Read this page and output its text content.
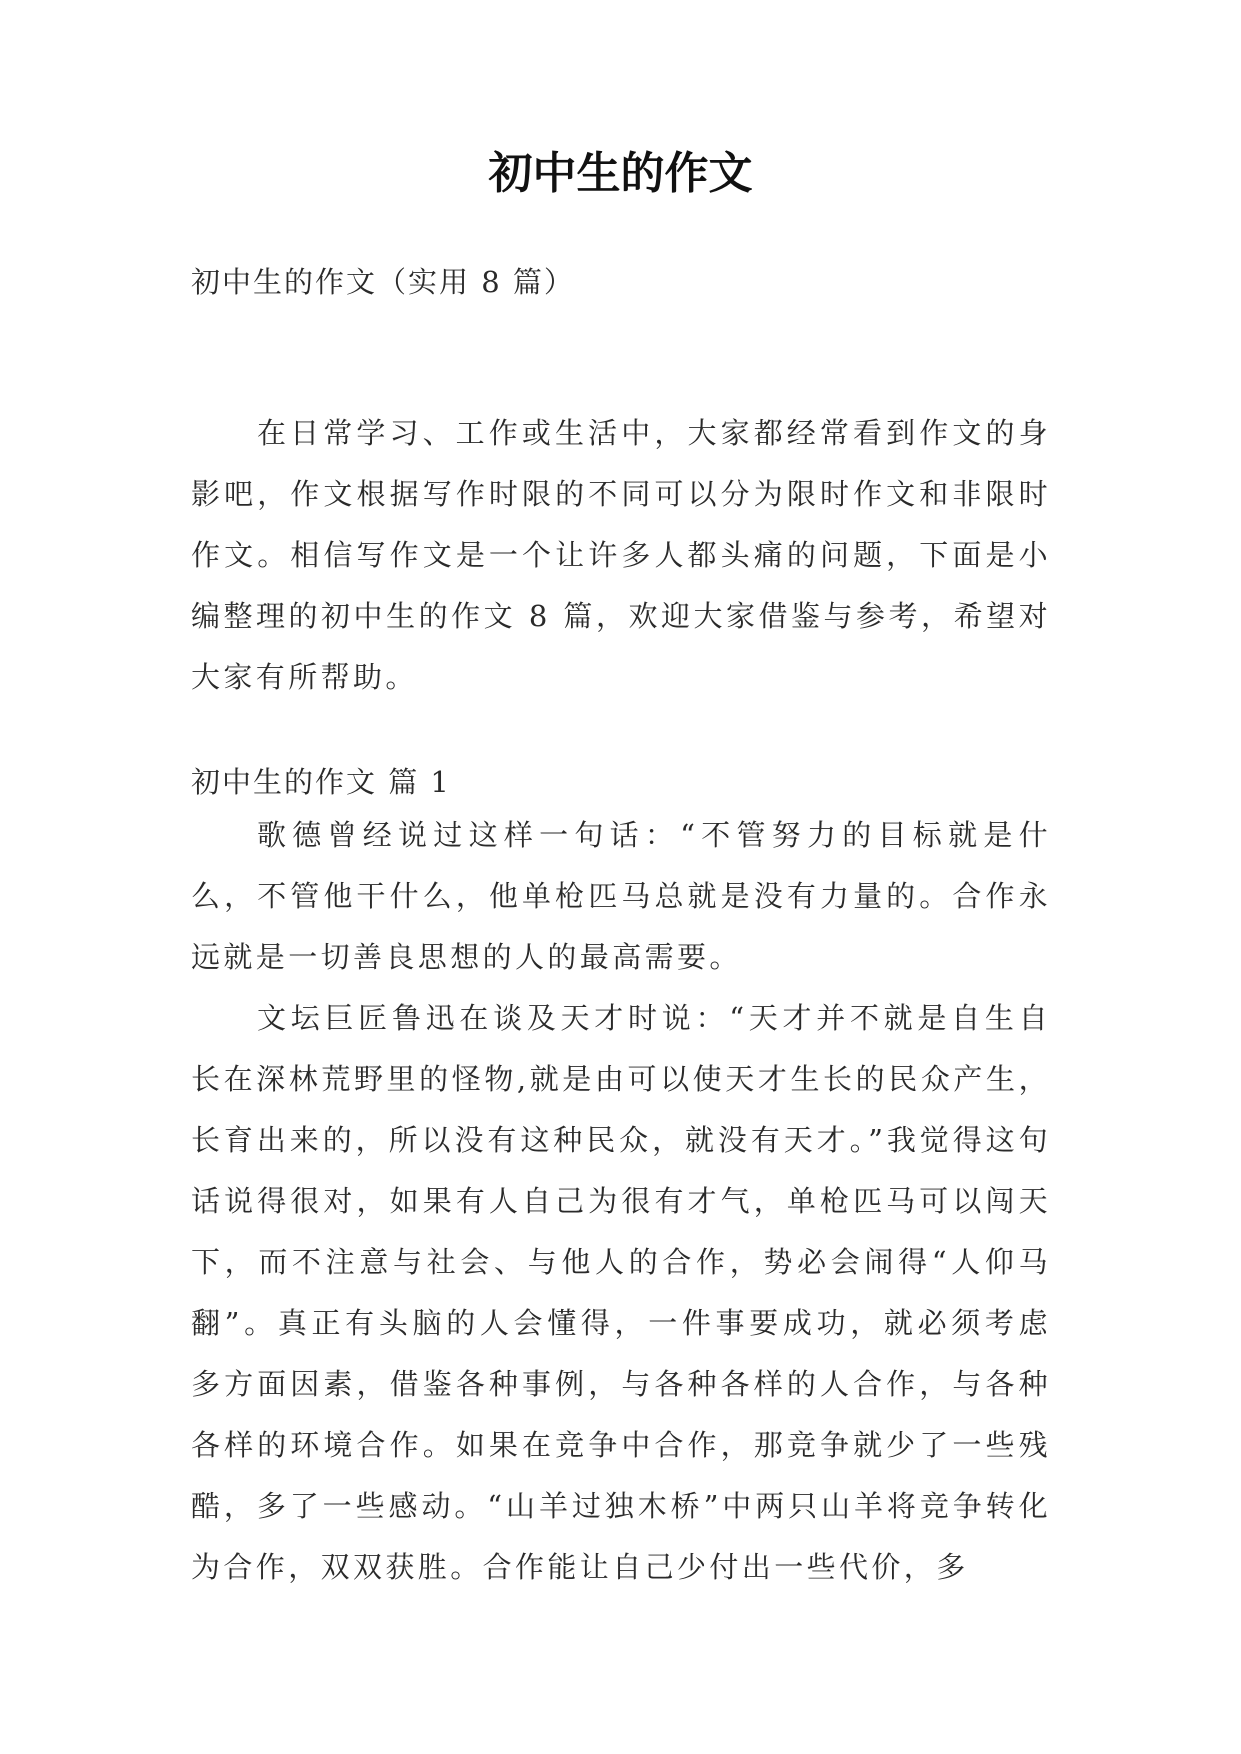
初中生的作文
初中生的作文（实用 8 篇）

在日常学习、工作或生活中，大家都经常看到作文的身影吧，作文根据写作时限的不同可以分为限时作文和非限时作文。相信写作文是一个让许多人都头痛的问题，下面是小编整理的初中生的作文 8 篇，欢迎大家借鉴与参考，希望对大家有所帮助。

初中生的作文 篇 1

歌德曾经说过这样一句话：“不管努力的目标就是什么，不管他干什么，他单枪匹马总就是没有力量的。合作永远就是一切善良思想的人的最高需要。

文坛巨匠鲁迅在谈及天才时说：“天才并不就是自生自长在深林荒野里的怪物,就是由可以使天才生长的民众产生，长育出来的，所以没有这种民众，就没有天才。”我觉得这句话说得很对，如果有人自己为很有才气，单枪匹马可以闯天下，而不注意与社会、与他人的合作，势必会闹得“人仰马翻”。真正有头脑的人会懂得，一件事要成功，就必须考虑多方面因素，借鉴各种事例，与各种各样的人合作，与各种各样的环境合作。如果在竞争中合作，那竞争就少了一些残酷，多了一些感动。“山羊过独木桥”中两只山羊将竞争转化为合作，双双获胜。合作能让自己少付出一些代价，多
